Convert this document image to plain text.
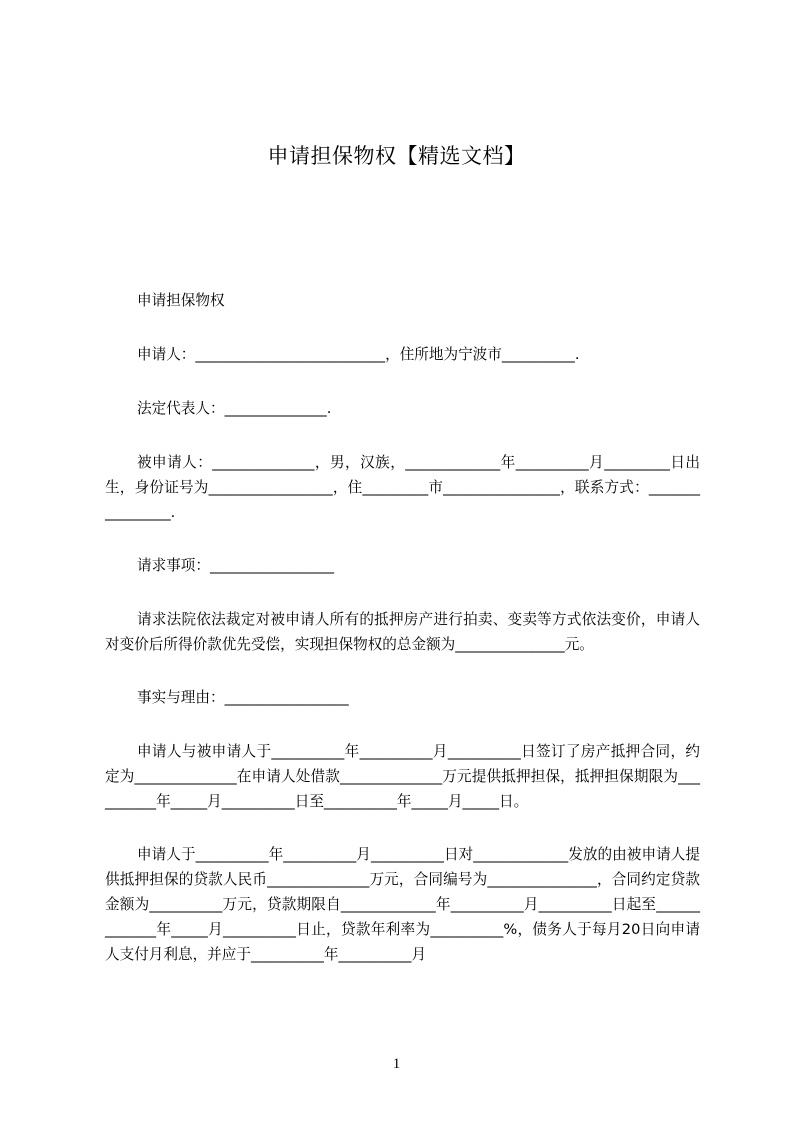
申请担保物权【精选文档】

申请担保物权

申请人：__________________________，住所地为宁波市__________.

法定代表人：______________.

被申请人：______________，男，汉族，_____________年__________月_________日出生，身份证号为_________________，住_________市________________，联系方式：________________.

请求事项：_________________

请求法院依法裁定对被申请人所有的抵押房产进行拍卖、变卖等方式依法变价，申请人对变价后所得价款优先受偿，实现担保物权的总金额为_______________元。

事实与理由：_________________

申请人与被申请人于__________年__________月__________日签订了房产抵押合同，约定为______________在申请人处借款______________万元提供抵押担保，抵押担保期限为__________年_____月__________日至__________年_____月_____日。

申请人于__________年__________月__________日对_____________发放的由被申请人提供抵押担保的贷款人民币______________万元，合同编号为_______________，合同约定贷款金额为__________万元，贷款期限自_____________年__________月__________日起至_____________年_____月__________日止，贷款年利率为__________%，债务人于每月20日向申请人支付月利息，并应于__________年__________月

1
